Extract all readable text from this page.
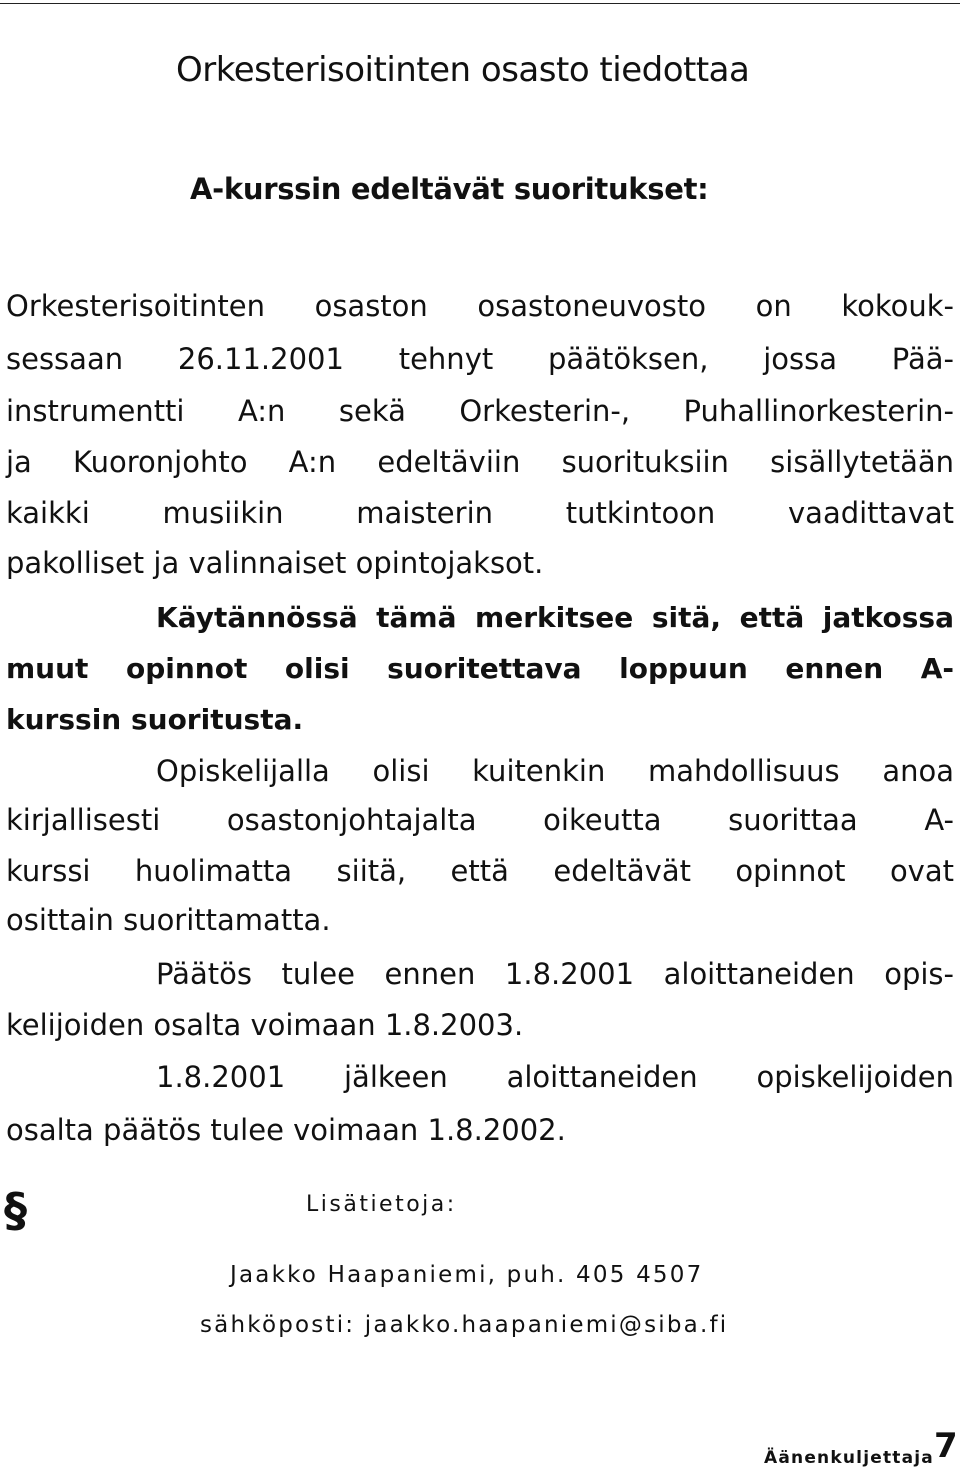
Orkesterisoitinten osasto tiedottaa
A-kurssin edeltävät suoritukset:
Orkesterisoitinten osaston osastoneuvosto on kokouk-
sessaan 26.11.2001 tehnyt päätöksen, jossa Pää-
instrumentti A:n sekä Orkesterin-, Puhallinorkesterin-
ja Kuoronjohto A:n edeltäviin suorituksiin sisällytetään
kaikki musiikin maisterin tutkintoon vaadittavat
pakolliset ja valinnaiset opintojaksot.
Käytännössä tämä merkitsee sitä, että jatkossa
muut opinnot olisi suoritettava loppuun ennen A-
kurssin suoritusta.
Opiskelijalla olisi kuitenkin mahdollisuus anoa
kirjallisesti osastonjohtajalta oikeutta suorittaa A-
kurssi huolimatta siitä, että edeltävät opinnot ovat
osittain suorittamatta.
Päätös tulee ennen 1.8.2001 aloittaneiden opis-
kelijoiden osalta voimaan 1.8.2003.
1.8.2001 jälkeen aloittaneiden opiskelijoiden
osalta päätös tulee voimaan 1.8.2002.
§	Lisätietoja:
Jaakko Haapaniemi, puh. 405 4507
sähköposti: jaakko.haapaniemi@siba.fi
Äänenkuljettaja 7
